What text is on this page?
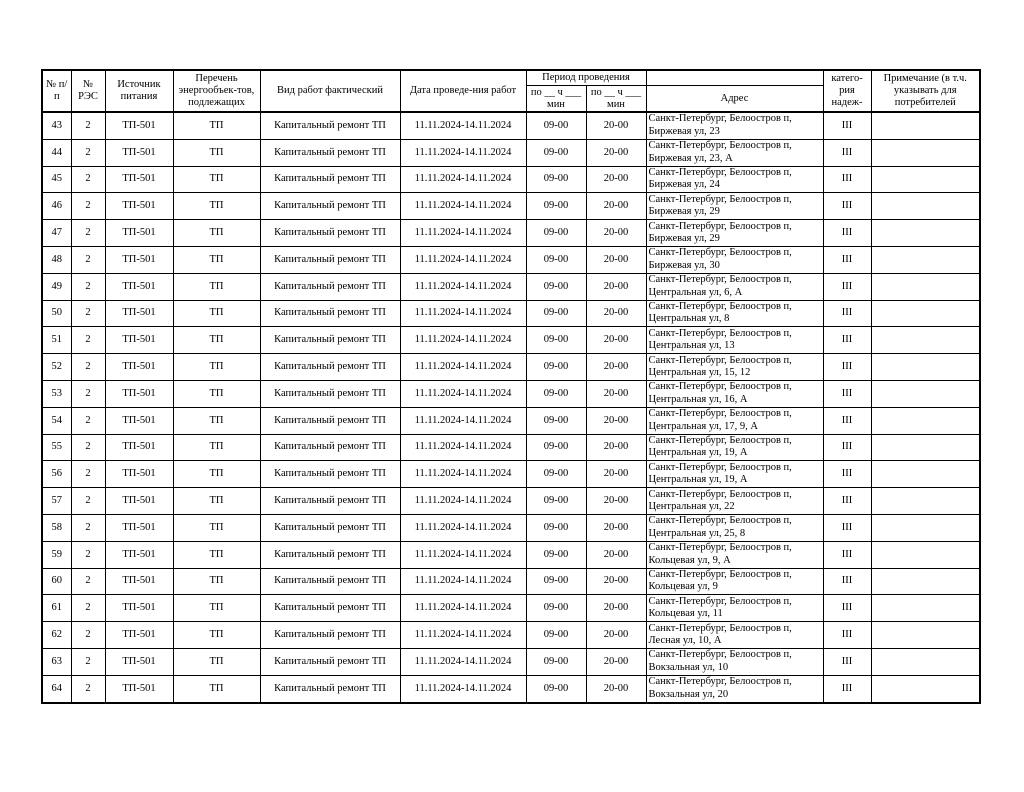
№ п/п	№ РЭС	Источник питания	Перечень энергообъек-тов, подлежащих	Вид работ фактический	Дата проведе-ния работ	Период проведения			катего-рия надеж-	Примечание (в т.ч. указывать для потребителей
						по __ ч ___ мин	по __ ч ___ мин	Адрес		
43	2	ТП-501	ТП	Капитальный ремонт ТП	11.11.2024-14.11.2024	09-00	20-00	Санкт-Петербург, Белоостров п,
Биржевая ул, 23	III	
44	2	ТП-501	ТП	Капитальный ремонт ТП	11.11.2024-14.11.2024	09-00	20-00	Санкт-Петербург, Белоостров п,
Биржевая ул, 23, А	III	
45	2	ТП-501	ТП	Капитальный ремонт ТП	11.11.2024-14.11.2024	09-00	20-00	Санкт-Петербург, Белоостров п,
Биржевая ул, 24	III	
46	2	ТП-501	ТП	Капитальный ремонт ТП	11.11.2024-14.11.2024	09-00	20-00	Санкт-Петербург, Белоостров п,
Биржевая ул, 29	III	
47	2	ТП-501	ТП	Капитальный ремонт ТП	11.11.2024-14.11.2024	09-00	20-00	Санкт-Петербург, Белоостров п,
Биржевая ул, 29	III	
48	2	ТП-501	ТП	Капитальный ремонт ТП	11.11.2024-14.11.2024	09-00	20-00	Санкт-Петербург, Белоостров п,
Биржевая ул, 30	III	
49	2	ТП-501	ТП	Капитальный ремонт ТП	11.11.2024-14.11.2024	09-00	20-00	Санкт-Петербург, Белоостров п,
Центральная ул, 6, А	III	
50	2	ТП-501	ТП	Капитальный ремонт ТП	11.11.2024-14.11.2024	09-00	20-00	Санкт-Петербург, Белоостров п,
Центральная ул, 8	III	
51	2	ТП-501	ТП	Капитальный ремонт ТП	11.11.2024-14.11.2024	09-00	20-00	Санкт-Петербург, Белоостров п,
Центральная ул, 13	III	
52	2	ТП-501	ТП	Капитальный ремонт ТП	11.11.2024-14.11.2024	09-00	20-00	Санкт-Петербург, Белоостров п,
Центральная ул, 15, 12	III	
53	2	ТП-501	ТП	Капитальный ремонт ТП	11.11.2024-14.11.2024	09-00	20-00	Санкт-Петербург, Белоостров п,
Центральная ул, 16, А	III	
54	2	ТП-501	ТП	Капитальный ремонт ТП	11.11.2024-14.11.2024	09-00	20-00	Санкт-Петербург, Белоостров п,
Центральная ул, 17, 9, А	III	
55	2	ТП-501	ТП	Капитальный ремонт ТП	11.11.2024-14.11.2024	09-00	20-00	Санкт-Петербург, Белоостров п,
Центральная ул, 19, А	III	
56	2	ТП-501	ТП	Капитальный ремонт ТП	11.11.2024-14.11.2024	09-00	20-00	Санкт-Петербург, Белоостров п,
Центральная ул, 19, А	III	
57	2	ТП-501	ТП	Капитальный ремонт ТП	11.11.2024-14.11.2024	09-00	20-00	Санкт-Петербург, Белоостров п,
Центральная ул, 22	III	
58	2	ТП-501	ТП	Капитальный ремонт ТП	11.11.2024-14.11.2024	09-00	20-00	Санкт-Петербург, Белоостров п,
Центральная ул, 25, 8	III	
59	2	ТП-501	ТП	Капитальный ремонт ТП	11.11.2024-14.11.2024	09-00	20-00	Санкт-Петербург, Белоостров п,
Кольцевая ул, 9, А	III	
60	2	ТП-501	ТП	Капитальный ремонт ТП	11.11.2024-14.11.2024	09-00	20-00	Санкт-Петербург, Белоостров п,
Кольцевая ул, 9	III	
61	2	ТП-501	ТП	Капитальный ремонт ТП	11.11.2024-14.11.2024	09-00	20-00	Санкт-Петербург, Белоостров п,
Кольцевая ул, 11	III	
62	2	ТП-501	ТП	Капитальный ремонт ТП	11.11.2024-14.11.2024	09-00	20-00	Санкт-Петербург, Белоостров п,
Лесная ул, 10, А	III	
63	2	ТП-501	ТП	Капитальный ремонт ТП	11.11.2024-14.11.2024	09-00	20-00	Санкт-Петербург, Белоостров п,
Вокзальная ул, 10	III	
64	2	ТП-501	ТП	Капитальный ремонт ТП	11.11.2024-14.11.2024	09-00	20-00	Санкт-Петербург, Белоостров п,
Вокзальная ул, 20	III	
